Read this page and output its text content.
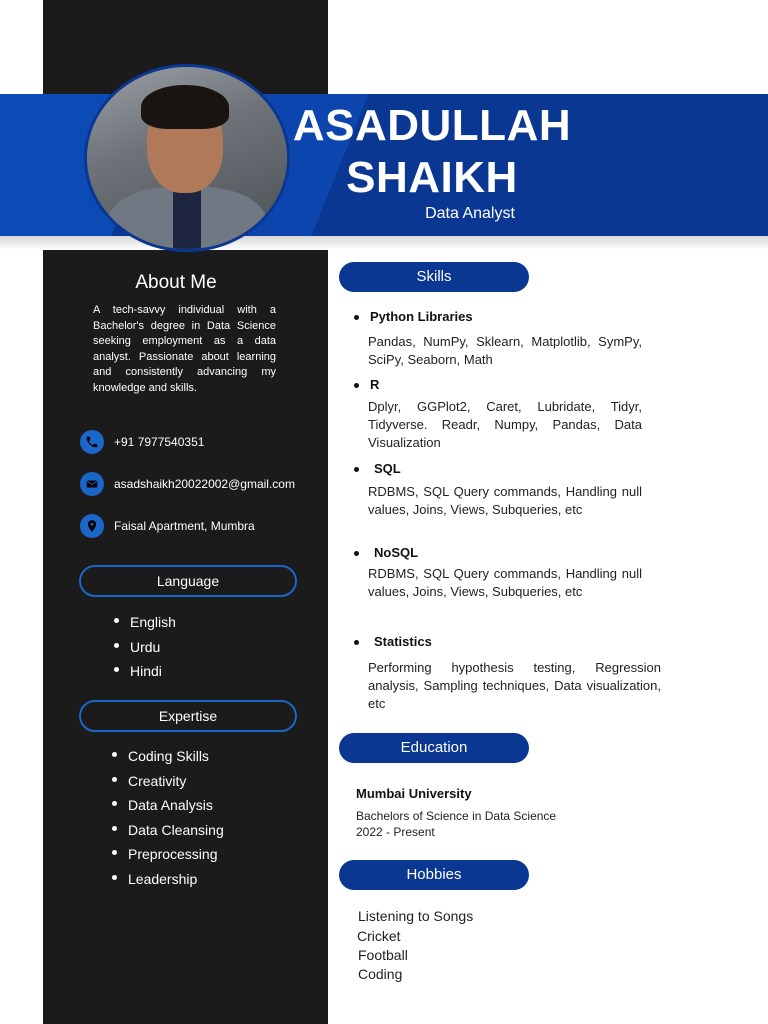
ASADULLAH
SHAIKH
Data Analyst
About Me
A tech-savvy individual with a Bachelor's degree in Data Science seeking employment as a data analyst. Passionate about learning and consistently advancing my knowledge and skills.
+91 7977540351
asadshaikh20022002@gmail.com
Faisal Apartment, Mumbra
Language
English
Urdu
Hindi
Expertise
Coding Skills
Creativity
Data Analysis
Data Cleansing
Preprocessing
Leadership
Skills
Python Libraries
Pandas, NumPy, Sklearn, Matplotlib, SymPy, SciPy, Seaborn, Math
R
Dplyr, GGPlot2, Caret, Lubridate, Tidyr, Tidyverse. Readr, Numpy, Pandas, Data Visualization
SQL
RDBMS, SQL Query commands, Handling null values, Joins, Views, Subqueries, etc
NoSQL
RDBMS, SQL Query commands, Handling null values, Joins, Views, Subqueries, etc
Statistics
Performing hypothesis testing, Regression analysis, Sampling techniques, Data visualization, etc
Education
Mumbai University
Bachelors of Science in Data Science
2022 - Present
Hobbies
Listening to Songs
Cricket
Football
Coding
